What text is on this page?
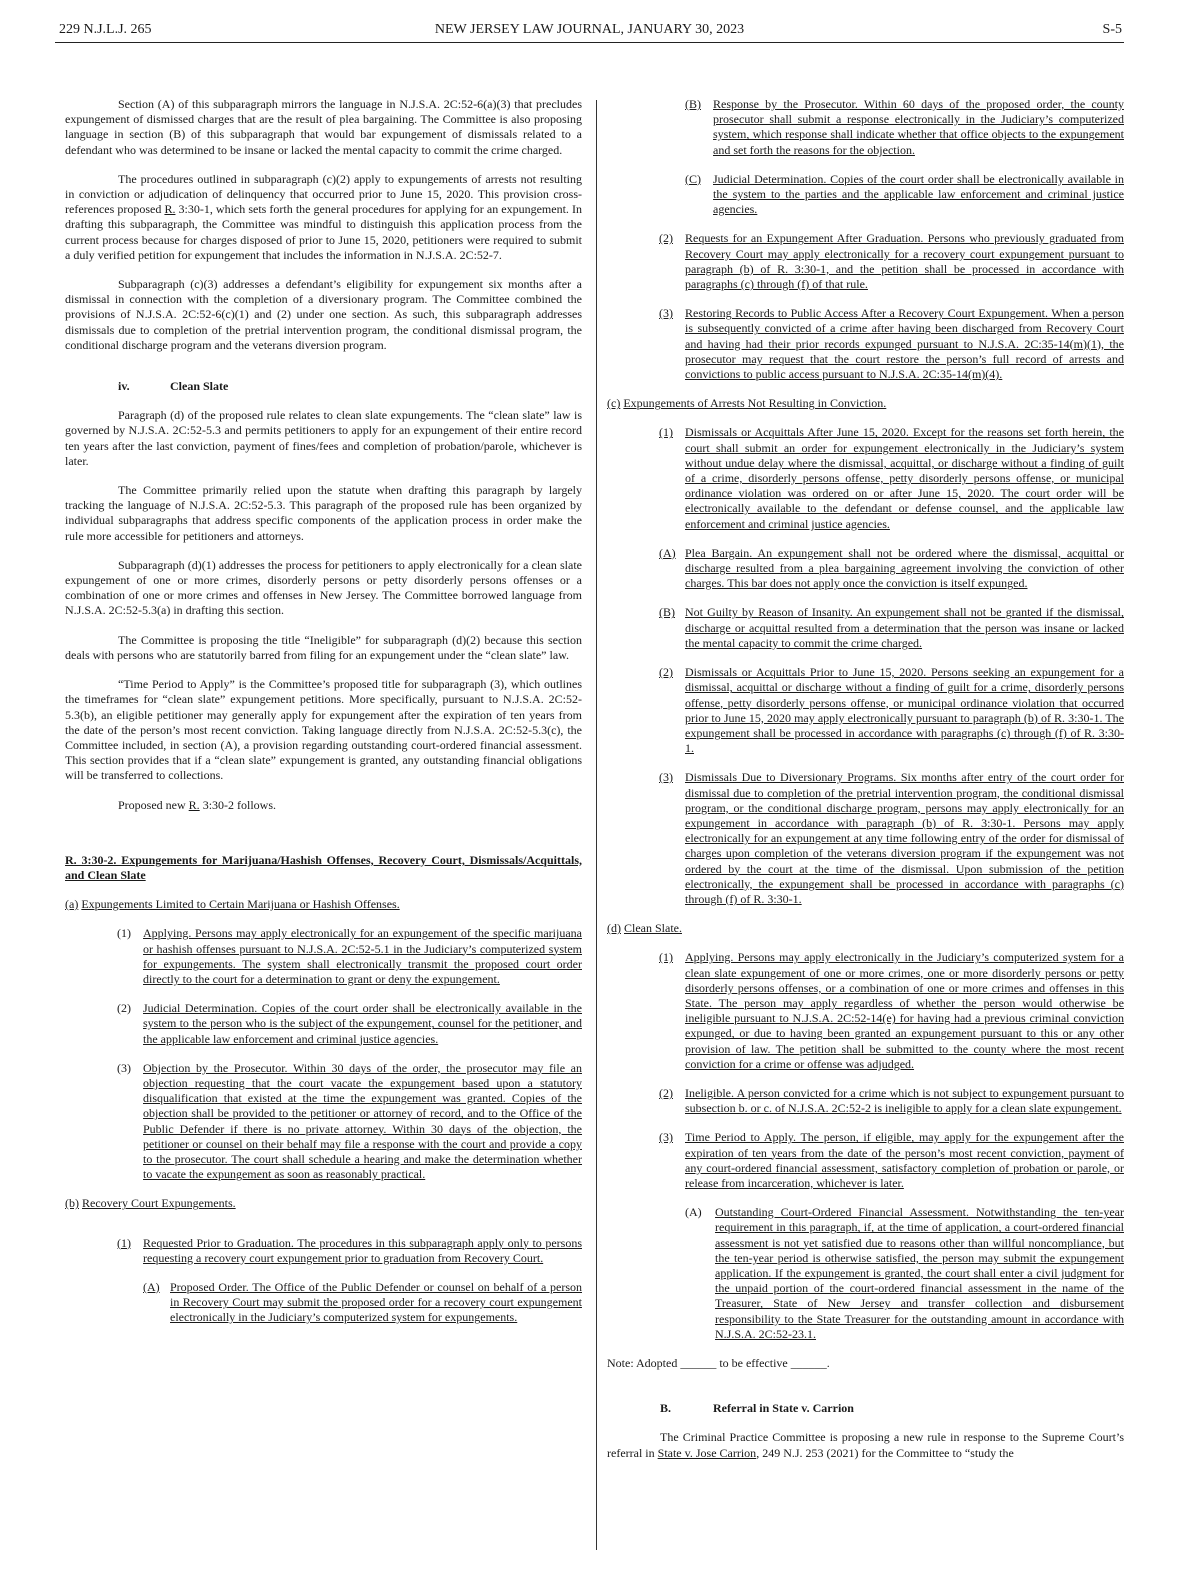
229 N.J.L.J. 265	NEW JERSEY LAW JOURNAL, JANUARY 30, 2023	S-5

Section (A) of this subparagraph mirrors the language in N.J.S.A. 2C:52-6(a)(3) that precludes expungement of dismissed charges that are the result of plea bargaining. The Committee is also proposing language in section (B) of this subparagraph that would bar expungement of dismissals related to a defendant who was determined to be insane or lacked the mental capacity to commit the crime charged.

The procedures outlined in subparagraph (c)(2) apply to expungements of arrests not resulting in conviction or adjudication of delinquency that occurred prior to June 15, 2020. This provision cross-references proposed R. 3:30-1, which sets forth the general procedures for applying for an expungement. In drafting this subparagraph, the Committee was mindful to distinguish this application process from the current process because for charges disposed of prior to June 15, 2020, petitioners were required to submit a duly verified petition for expungement that includes the information in N.J.S.A. 2C:52-7.

Subparagraph (c)(3) addresses a defendant’s eligibility for expungement six months after a dismissal in connection with the completion of a diversionary program. The Committee combined the provisions of N.J.S.A. 2C:52-6(c)(1) and (2) under one section. As such, this subparagraph addresses dismissals due to completion of the pretrial intervention program, the conditional dismissal program, the conditional discharge program and the veterans diversion program.

iv.	Clean Slate

Paragraph (d) of the proposed rule relates to clean slate expungements. The “clean slate” law is governed by N.J.S.A. 2C:52-5.3 and permits petitioners to apply for an expungement of their entire record ten years after the last conviction, payment of fines/fees and completion of probation/parole, whichever is later.

The Committee primarily relied upon the statute when drafting this paragraph by largely tracking the language of N.J.S.A. 2C:52-5.3. This paragraph of the proposed rule has been organized by individual subparagraphs that address specific components of the application process in order make the rule more accessible for petitioners and attorneys.

Subparagraph (d)(1) addresses the process for petitioners to apply electronically for a clean slate expungement of one or more crimes, disorderly persons or petty disorderly persons offenses or a combination of one or more crimes and offenses in New Jersey. The Committee borrowed language from N.J.S.A. 2C:52-5.3(a) in drafting this section.

The Committee is proposing the title “Ineligible” for subparagraph (d)(2) because this section deals with persons who are statutorily barred from filing for an expungement under the “clean slate” law.

“Time Period to Apply” is the Committee’s proposed title for subparagraph (3), which outlines the timeframes for “clean slate” expungement petitions. More specifically, pursuant to N.J.S.A. 2C:52-5.3(b), an eligible petitioner may generally apply for expungement after the expiration of ten years from the date of the person’s most recent conviction. Taking language directly from N.J.S.A. 2C:52-5.3(c), the Committee included, in section (A), a provision regarding outstanding court-ordered financial assessment. This section provides that if a “clean slate” expungement is granted, any outstanding financial obligations will be transferred to collections.

Proposed new R. 3:30-2 follows.

R. 3:30-2. Expungements for Marijuana/Hashish Offenses, Recovery Court, Dismissals/Acquittals, and Clean Slate
(a) Expungements Limited to Certain Marijuana or Hashish Offenses.
(1)	Applying. Persons may apply electronically for an expungement of the specific marijuana or hashish offenses pursuant to N.J.S.A. 2C:52-5.1 in the Judiciary’s computerized system for expungements. The system shall electronically transmit the proposed court order directly to the court for a determination to grant or deny the expungement.
(2)	Judicial Determination. Copies of the court order shall be electronically available in the system to the person who is the subject of the expungement, counsel for the petitioner, and the applicable law enforcement and criminal justice agencies.
(3)	Objection by the Prosecutor. Within 30 days of the order, the prosecutor may file an objection requesting that the court vacate the expungement based upon a statutory disqualification that existed at the time the expungement was granted. Copies of the objection shall be provided to the petitioner or attorney of record, and to the Office of the Public Defender if there is no private attorney. Within 30 days of the objection, the petitioner or counsel on their behalf may file a response with the court and provide a copy to the prosecutor. The court shall schedule a hearing and make the determination whether to vacate the expungement as soon as reasonably practical.
(b) Recovery Court Expungements.
(1)	Requested Prior to Graduation. The procedures in this subparagraph apply only to persons requesting a recovery court expungement prior to graduation from Recovery Court.
(A) Proposed Order. The Office of the Public Defender or counsel on behalf of a person in Recovery Court may submit the proposed order for a recovery court expungement electronically in the Judiciary’s computerized system for expungements.
(B)	Response by the Prosecutor. Within 60 days of the proposed order, the county prosecutor shall submit a response electronically in the Judiciary’s computerized system, which response shall indicate whether that office objects to the expungement and set forth the reasons for the objection.
(C)	Judicial Determination. Copies of the court order shall be electronically available in the system to the parties and the applicable law enforcement and criminal justice agencies.
(2)	Requests for an Expungement After Graduation. Persons who previously graduated from Recovery Court may apply electronically for a recovery court expungement pursuant to paragraph (b) of R. 3:30-1, and the petition shall be processed in accordance with paragraphs (c) through (f) of that rule.
(3)	Restoring Records to Public Access After a Recovery Court Expungement. When a person is subsequently convicted of a crime after having been discharged from Recovery Court and having had their prior records expunged pursuant to N.J.S.A. 2C:35-14(m)(1), the prosecutor may request that the court restore the person’s full record of arrests and convictions to public access pursuant to N.J.S.A. 2C:35-14(m)(4).
(c) Expungements of Arrests Not Resulting in Conviction.
(1)	Dismissals or Acquittals After June 15, 2020. Except for the reasons set forth herein, the court shall submit an order for expungement electronically in the Judiciary’s system without undue delay where the dismissal, acquittal, or discharge without a finding of guilt of a crime, disorderly persons offense, petty disorderly persons offense, or municipal ordinance violation was ordered on or after June 15, 2020. The court order will be electronically available to the defendant or defense counsel, and the applicable law enforcement and criminal justice agencies.
(A) Plea Bargain. An expungement shall not be ordered where the dismissal, acquittal or discharge resulted from a plea bargaining agreement involving the conviction of other charges. This bar does not apply once the conviction is itself expunged.
(B) Not Guilty by Reason of Insanity. An expungement shall not be granted if the dismissal, discharge or acquittal resulted from a determination that the person was insane or lacked the mental capacity to commit the crime charged.
(2)	Dismissals or Acquittals Prior to June 15, 2020. Persons seeking an expungement for a dismissal, acquittal or discharge without a finding of guilt for a crime, disorderly persons offense, petty disorderly persons offense, or municipal ordinance violation that occurred prior to June 15, 2020 may apply electronically pursuant to paragraph (b) of R. 3:30-1. The expungement shall be processed in accordance with paragraphs (c) through (f) of R. 3:30-1.
(3)	Dismissals Due to Diversionary Programs. Six months after entry of the court order for dismissal due to completion of the pretrial intervention program, the conditional dismissal program, or the conditional discharge program, persons may apply electronically for an expungement in accordance with paragraph (b) of R. 3:30-1. Persons may apply electronically for an expungement at any time following entry of the order for dismissal of charges upon completion of the veterans diversion program if the expungement was not ordered by the court at the time of the dismissal. Upon submission of the petition electronically, the expungement shall be processed in accordance with paragraphs (c) through (f) of R. 3:30-1.
(d) Clean Slate.
(1)	Applying. Persons may apply electronically in the Judiciary’s computerized system for a clean slate expungement of one or more crimes, one or more disorderly persons or petty disorderly persons offenses, or a combination of one or more crimes and offenses in this State. The person may apply regardless of whether the person would otherwise be ineligible pursuant to N.J.S.A. 2C:52-14(e) for having had a previous criminal conviction expunged, or due to having been granted an expungement pursuant to this or any other provision of law. The petition shall be submitted to the county where the most recent conviction for a crime or offense was adjudged.
(2)	Ineligible. A person convicted for a crime which is not subject to expungement pursuant to subsection b. or c. of N.J.S.A. 2C:52-2 is ineligible to apply for a clean slate expungement.
(3)	Time Period to Apply. The person, if eligible, may apply for the expungement after the expiration of ten years from the date of the person’s most recent conviction, payment of any court-ordered financial assessment, satisfactory completion of probation or parole, or release from incarceration, whichever is later.
(A)	Outstanding Court-Ordered Financial Assessment. Notwithstanding the ten-year requirement in this paragraph, if, at the time of application, a court-ordered financial assessment is not yet satisfied due to reasons other than willful noncompliance, but the ten-year period is otherwise satisfied, the person may submit the expungement application. If the expungement is granted, the court shall enter a civil judgment for the unpaid portion of the court-ordered financial assessment in the name of the Treasurer, State of New Jersey and transfer collection and disbursement responsibility to the State Treasurer for the outstanding amount in accordance with N.J.S.A. 2C:52-23.1.

Note: Adopted ______ to be effective ______.

B.	Referral in State v. Carrion

The Criminal Practice Committee is proposing a new rule in response to the Supreme Court’s referral in State v. Jose Carrion, 249 N.J. 253 (2021) for the Committee to “study the
